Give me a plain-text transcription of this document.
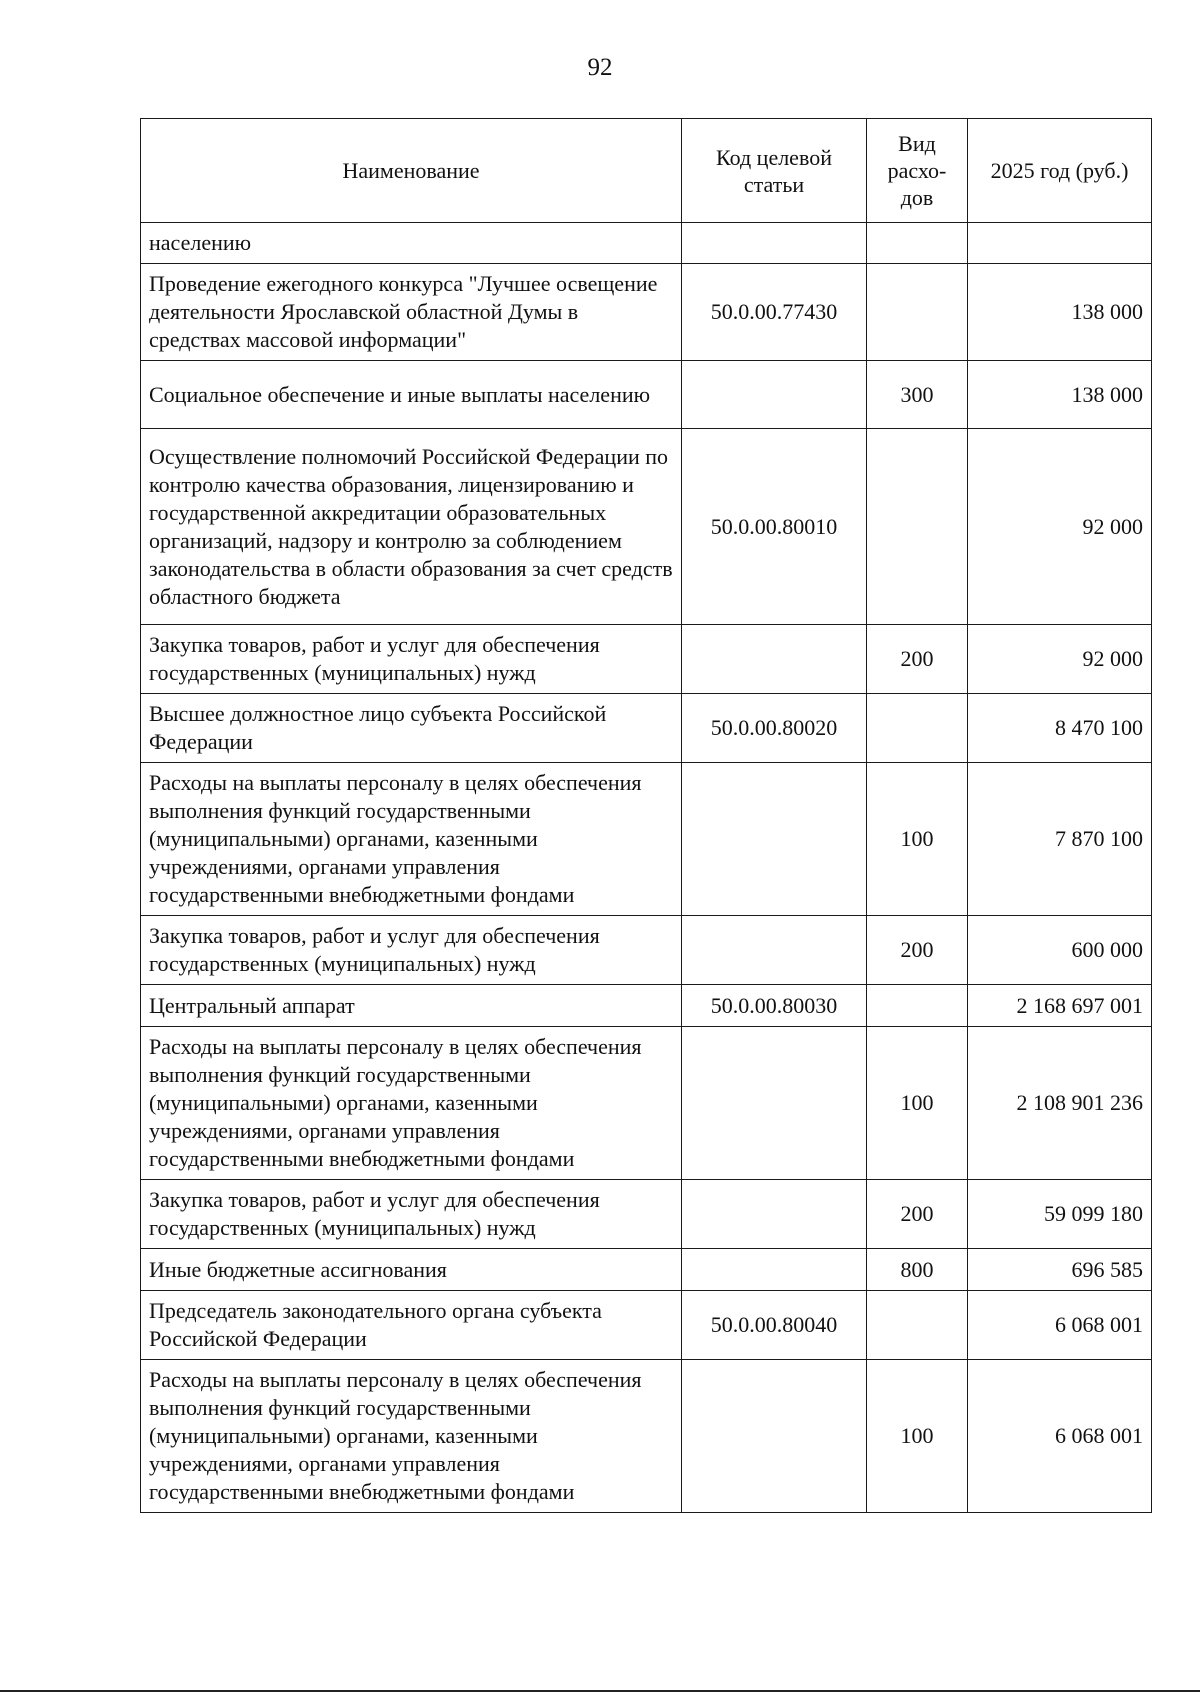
92
Наименование	Код целевой статьи	Вид расхо-дов	2025 год (руб.)
населению			
Проведение ежегодного конкурса "Лучшее освещение деятельности Ярославской областной Думы в средствах массовой информации"	50.0.00.77430		138 000
Социальное обеспечение и иные выплаты населению		300	138 000
Осуществление полномочий Российской Федерации по контролю качества образования, лицензированию и государственной аккредитации образовательных организаций, надзору и контролю за соблюдением законодательства в области образования за счет средств областного бюджета	50.0.00.80010		92 000
Закупка товаров, работ и услуг для обеспечения государственных (муниципальных) нужд		200	92 000
Высшее должностное лицо субъекта Российской Федерации	50.0.00.80020		8 470 100
Расходы на выплаты персоналу в целях обеспечения выполнения функций государственными (муниципальными) органами, казенными учреждениями, органами управления государственными внебюджетными фондами		100	7 870 100
Закупка товаров, работ и услуг для обеспечения государственных (муниципальных) нужд		200	600 000
Центральный аппарат	50.0.00.80030		2 168 697 001
Расходы на выплаты персоналу в целях обеспечения выполнения функций государственными (муниципальными) органами, казенными учреждениями, органами управления государственными внебюджетными фондами		100	2 108 901 236
Закупка товаров, работ и услуг для обеспечения государственных (муниципальных) нужд		200	59 099 180
Иные бюджетные ассигнования		800	696 585
Председатель законодательного органа субъекта Российской Федерации	50.0.00.80040		6 068 001
Расходы на выплаты персоналу в целях обеспечения выполнения функций государственными (муниципальными) органами, казенными учреждениями, органами управления государственными внебюджетными фондами		100	6 068 001
